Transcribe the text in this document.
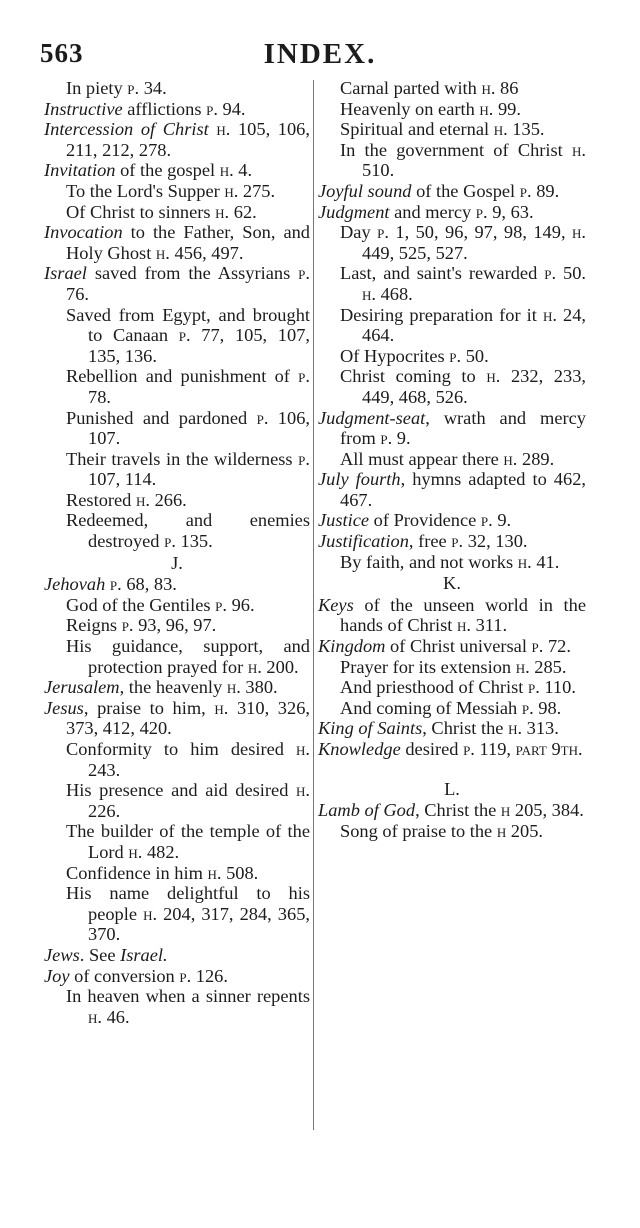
563	INDEX.
In piety p. 34.
Instructive afflictions p. 94.
Intercession of Christ h. 105, 106, 211, 212, 278.
Invitation of the gospel h. 4.
To the Lord's Supper h. 275.
Of Christ to sinners h. 62.
Invocation to the Father, Son, and Holy Ghost h. 456, 497.
Israel saved from the Assyrians p. 76.
Saved from Egypt, and brought to Canaan p. 77, 105, 107, 135, 136.
Rebellion and punishment of p. 78.
Punished and pardoned p. 106, 107.
Their travels in the wilderness p. 107, 114.
Restored h. 266.
Redeemed, and enemies destroyed p. 135.
J.
Jehovah p. 68, 83.
God of the Gentiles p. 96.
Reigns p. 93, 96, 97.
His guidance, support, and protection prayed for h. 200.
Jerusalem, the heavenly h. 380.
Jesus, praise to him, h. 310, 326, 373, 412, 420.
Conformity to him desired h. 243.
His presence and aid desired h. 226.
The builder of the temple of the Lord h. 482.
Confidence in him h. 508.
His name delightful to his people h. 204, 317, 284, 365, 370.
Jews. See Israel.
Joy of conversion p. 126.
In heaven when a sinner repents h. 46.
Carnal parted with h. 86
Heavenly on earth h. 99.
Spiritual and eternal h. 135.
In the government of Christ h. 510.
Joyful sound of the Gospel p. 89.
Judgment and mercy p. 9, 63.
Day p. 1, 50, 96, 97, 98, 149, h. 449, 525, 527.
Last, and saint's rewarded p. 50. h. 468.
Desiring preparation for it h. 24, 464.
Of Hypocrites p. 50.
Christ coming to h. 232, 233, 449, 468, 526.
Judgment-seat, wrath and mercy from p. 9.
All must appear there h. 289.
July fourth, hymns adapted to 462, 467.
Justice of Providence p. 9.
Justification, free p. 32, 130.
By faith, and not works h. 41.
K.
Keys of the unseen world in the hands of Christ h. 311.
Kingdom of Christ universal p. 72.
Prayer for its extension h. 285.
And priesthood of Christ p. 110.
And coming of Messiah p. 98.
King of Saints, Christ the h. 313.
Knowledge desired p. 119, part 9th.
L.
Lamb of God, Christ the h 205, 384.
Song of praise to the h 205.
